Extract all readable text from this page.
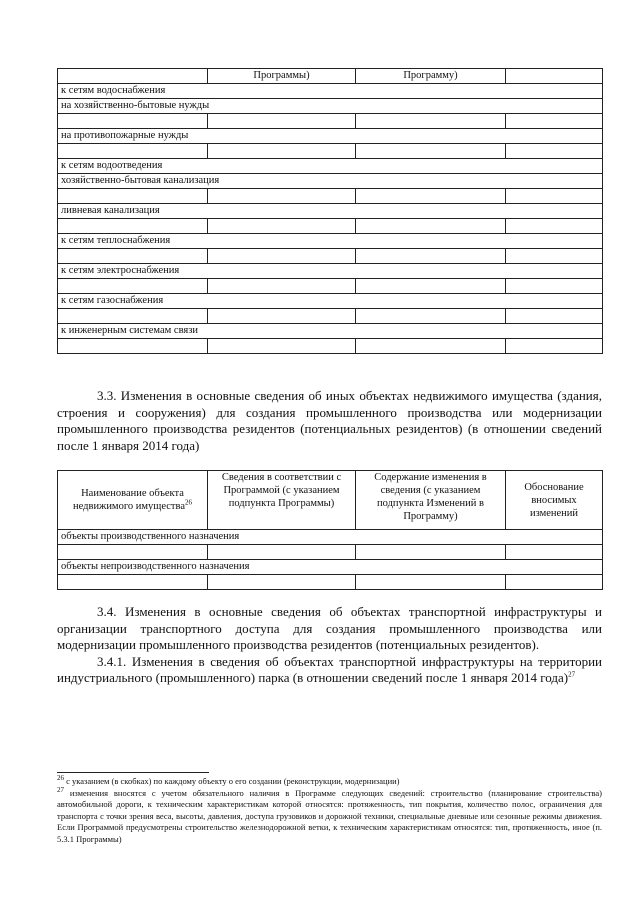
	Программы)	Программу)	
к сетям водоснабжения			
на хозяйственно-бытовые нужды			

на противопожарные нужды			

к сетям водоотведения			
хозяйственно-бытовая канализация			

ливневая канализация			

к сетям теплоснабжения			

к сетям электроснабжения			

к сетям газоснабжения			

к инженерным системам связи			

3.3. Изменения в основные сведения об иных объектах недвижимого имущества (здания, строения и сооружения) для создания промышленного производства или модернизации промышленного производства резидентов (потенциальных резидентов) (в отношении сведений после 1 января 2014 года)

Наименование объекта недвижимого имущества$^{26}$	Сведения в соответствии с Программой (с указанием подпункта Программы)	Содержание изменения в сведения (с указанием подпункта Изменений в Программу)	Обоснование вносимых изменений
объекты производственного назначения			

объекты непроизводственного назначения			

3.4. Изменения в основные сведения об объектах транспортной инфраструктуры и организации транспортного доступа для создания промышленного производства или модернизации промышленного производства резидентов (потенциальных резидентов).

3.4.1. Изменения в сведения об объектах транспортной инфраструктуры на территории индустриального (промышленного) парка (в отношении сведений после 1 января 2014 года)$^{27}$

$^{26}$ с указанием (в скобках) по каждому объекту о его создании (реконструкции, модернизации)

$^{27}$ изменения вносятся с учетом обязательного наличия в Программе следующих сведений: строительство (планирование строительства) автомобильной дороги, к техническим характеристикам которой относятся: протяженность, тип покрытия, количество полос, ограничения для транспорта с точки зрения веса, высоты, давления, доступа грузовиков и дорожной техники, специальные дневные или сезонные режимы движения. Если Программой предусмотрены строительство железнодорожной ветки, к техническим характеристикам относятся: тип, протяженность, иное (п. 5.3.1 Программы)
